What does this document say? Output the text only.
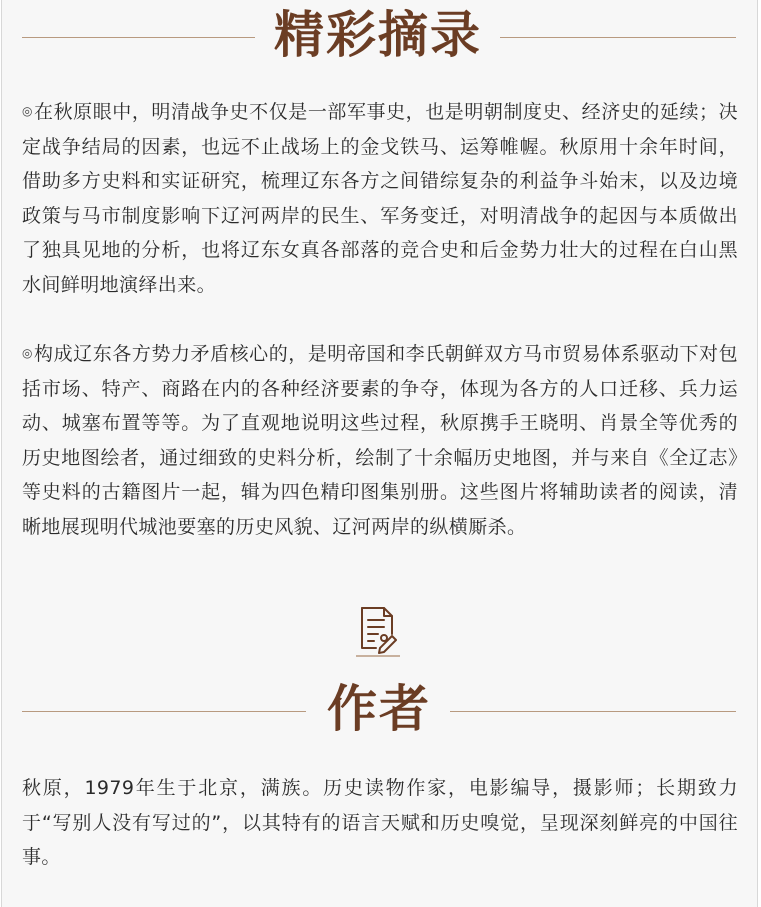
精彩摘录
◎在秋原眼中，明清战争史不仅是一部军事史，也是明朝制度史、经济史的延续；决定战争结局的因素，也远不止战场上的金戈铁马、运筹帷幄。秋原用十余年时间，借助多方史料和实证研究，梳理辽东各方之间错综复杂的利益争斗始末，以及边境政策与马市制度影响下辽河两岸的民生、军务变迁，对明清战争的起因与本质做出了独具见地的分析，也将辽东女真各部落的竞合史和后金势力壮大的过程在白山黑水间鲜明地演绎出来。
◎构成辽东各方势力矛盾核心的，是明帝国和李氏朝鲜双方马市贸易体系驱动下对包括市场、特产、商路在内的各种经济要素的争夺，体现为各方的人口迁移、兵力运动、城塞布置等等。为了直观地说明这些过程，秋原携手王晓明、肖景全等优秀的历史地图绘者，通过细致的史料分析，绘制了十余幅历史地图，并与来自《全辽志》等史料的古籍图片一起，辑为四色精印图集别册。这些图片将辅助读者的阅读，清晰地展现明代城池要塞的历史风貌、辽河两岸的纵横厮杀。
作者
秋原，1979年生于北京，满族。历史读物作家，电影编导，摄影师；长期致力于“写别人没有写过的”，以其特有的语言天赋和历史嗅觉，呈现深刻鲜亮的中国往事。
